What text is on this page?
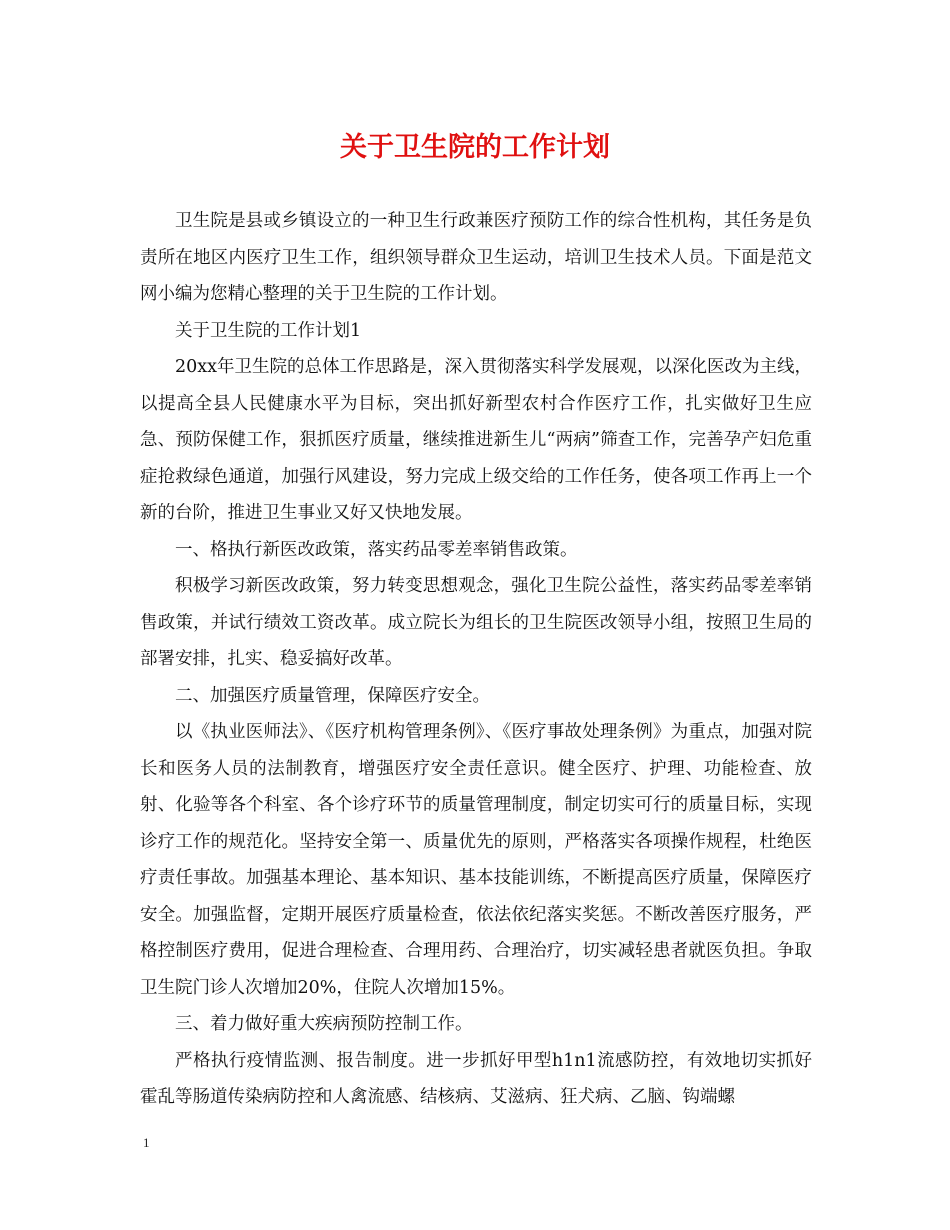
关于卫生院的工作计划

卫生院是县或乡镇设立的一种卫生行政兼医疗预防工作的综合性机构，其任务是负责所在地区内医疗卫生工作，组织领导群众卫生运动，培训卫生技术人员。下面是范文网小编为您精心整理的关于卫生院的工作计划。

关于卫生院的工作计划1

20xx年卫生院的总体工作思路是，深入贯彻落实科学发展观，以深化医改为主线，以提高全县人民健康水平为目标，突出抓好新型农村合作医疗工作，扎实做好卫生应急、预防保健工作，狠抓医疗质量，继续推进新生儿“两病”筛查工作，完善孕产妇危重症抢救绿色通道，加强行风建设，努力完成上级交给的工作任务，使各项工作再上一个新的台阶，推进卫生事业又好又快地发展。

一、格执行新医改政策，落实药品零差率销售政策。

积极学习新医改政策，努力转变思想观念，强化卫生院公益性，落实药品零差率销售政策，并试行绩效工资改革。成立院长为组长的卫生院医改领导小组，按照卫生局的部署安排，扎实、稳妥搞好改革。

二、加强医疗质量管理，保障医疗安全。

以《执业医师法》、《医疗机构管理条例》、《医疗事故处理条例》为重点，加强对院长和医务人员的法制教育，增强医疗安全责任意识。健全医疗、护理、功能检查、放射、化验等各个科室、各个诊疗环节的质量管理制度，制定切实可行的质量目标，实现诊疗工作的规范化。坚持安全第一、质量优先的原则，严格落实各项操作规程，杜绝医疗责任事故。加强基本理论、基本知识、基本技能训练，不断提高医疗质量，保障医疗安全。加强监督，定期开展医疗质量检查，依法依纪落实奖惩。不断改善医疗服务，严格控制医疗费用，促进合理检查、合理用药、合理治疗，切实减轻患者就医负担。争取卫生院门诊人次增加20%，住院人次增加15%。

三、着力做好重大疾病预防控制工作。

严格执行疫情监测、报告制度。进一步抓好甲型h1n1流感防控，有效地切实抓好霍乱等肠道传染病防控和人禽流感、结核病、艾滋病、狂犬病、乙脑、钩端螺

1
